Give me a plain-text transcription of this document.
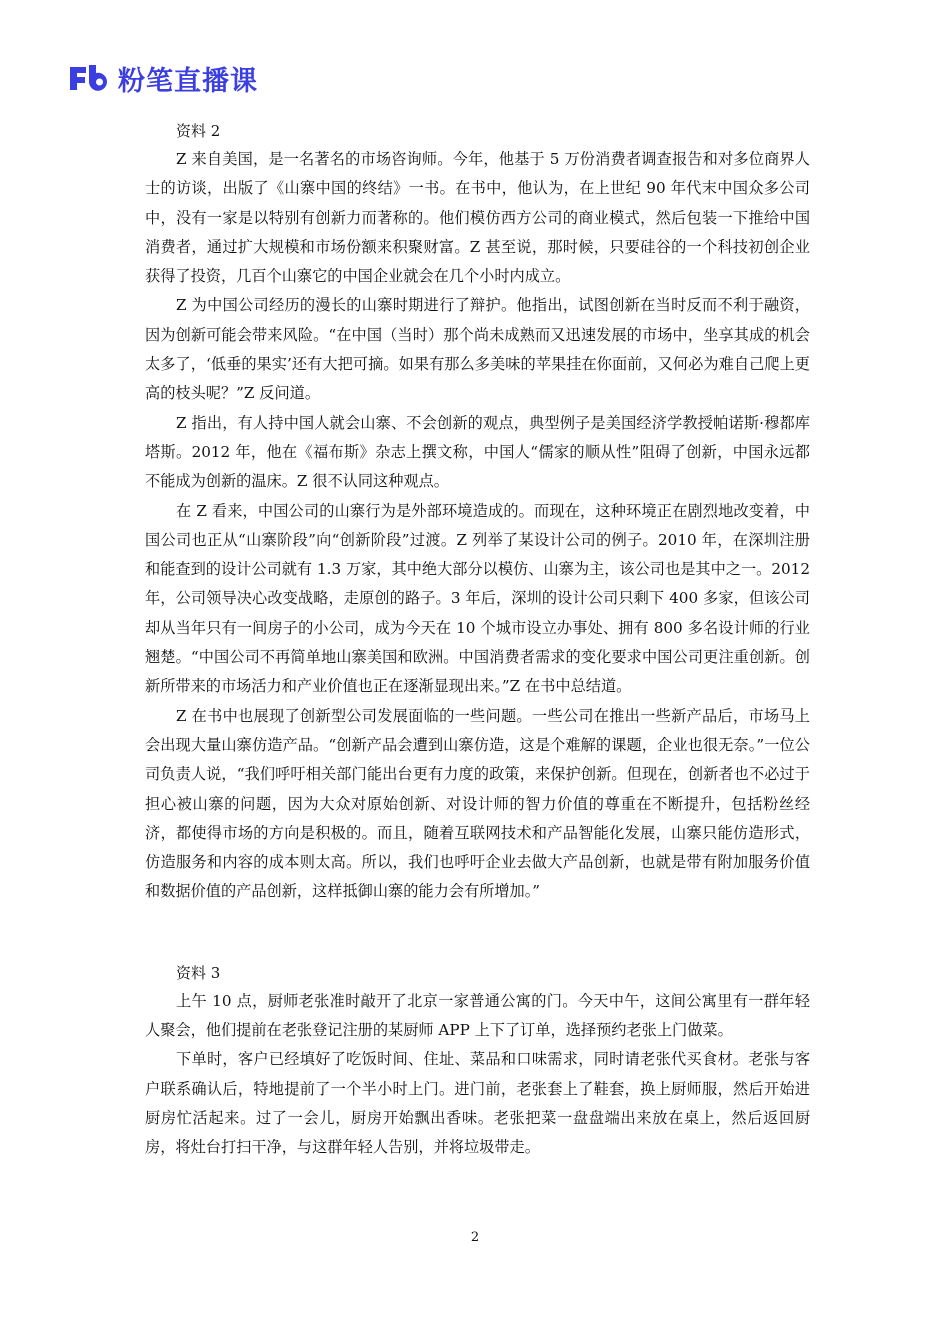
粉笔直播课

资料 2

Z 来自美国，是一名著名的市场咨询师。今年，他基于 5 万份消费者调查报告和对多位商界人士的访谈，出版了《山寨中国的终结》一书。在书中，他认为，在上世纪 90 年代末中国众多公司中，没有一家是以特别有创新力而著称的。他们模仿西方公司的商业模式，然后包装一下推给中国消费者，通过扩大规模和市场份额来积聚财富。Z 甚至说，那时候，只要硅谷的一个科技初创企业获得了投资，几百个山寨它的中国企业就会在几个小时内成立。

Z 为中国公司经历的漫长的山寨时期进行了辩护。他指出，试图创新在当时反而不利于融资，因为创新可能会带来风险。“在中国（当时）那个尚未成熟而又迅速发展的市场中，坐享其成的机会太多了，‘低垂的果实’还有大把可摘。如果有那么多美味的苹果挂在你面前，又何必为难自己爬上更高的枝头呢？”Z 反问道。

Z 指出，有人持中国人就会山寨、不会创新的观点，典型例子是美国经济学教授帕诺斯·穆都库塔斯。2012 年，他在《福布斯》杂志上撰文称，中国人“儒家的顺从性”阻碍了创新，中国永远都不能成为创新的温床。Z 很不认同这种观点。

在 Z 看来，中国公司的山寨行为是外部环境造成的。而现在，这种环境正在剧烈地改变着，中国公司也正从“山寨阶段”向“创新阶段”过渡。Z 列举了某设计公司的例子。2010 年，在深圳注册和能查到的设计公司就有 1.3 万家，其中绝大部分以模仿、山寨为主，该公司也是其中之一。2012 年，公司领导决心改变战略，走原创的路子。3 年后，深圳的设计公司只剩下 400 多家，但该公司却从当年只有一间房子的小公司，成为今天在 10 个城市设立办事处、拥有 800 多名设计师的行业翘楚。“中国公司不再简单地山寨美国和欧洲。中国消费者需求的变化要求中国公司更注重创新。创新所带来的市场活力和产业价值也正在逐渐显现出来。”Z 在书中总结道。

Z 在书中也展现了创新型公司发展面临的一些问题。一些公司在推出一些新产品后，市场马上会出现大量山寨仿造产品。“创新产品会遭到山寨仿造，这是个难解的课题，企业也很无奈。”一位公司负责人说，“我们呼吁相关部门能出台更有力度的政策，来保护创新。但现在，创新者也不必过于担心被山寨的问题，因为大众对原始创新、对设计师的智力价值的尊重在不断提升，包括粉丝经济，都使得市场的方向是积极的。而且，随着互联网技术和产品智能化发展，山寨只能仿造形式，仿造服务和内容的成本则太高。所以，我们也呼吁企业去做大产品创新，也就是带有附加服务价值和数据价值的产品创新，这样抵御山寨的能力会有所增加。”

资料 3

上午 10 点，厨师老张准时敲开了北京一家普通公寓的门。今天中午，这间公寓里有一群年轻人聚会，他们提前在老张登记注册的某厨师 APP 上下了订单，选择预约老张上门做菜。

下单时，客户已经填好了吃饭时间、住址、菜品和口味需求，同时请老张代买食材。老张与客户联系确认后，特地提前了一个半小时上门。进门前，老张套上了鞋套，换上厨师服，然后开始进厨房忙活起来。过了一会儿，厨房开始飘出香味。老张把菜一盘盘端出来放在桌上，然后返回厨房，将灶台打扫干净，与这群年轻人告别，并将垃圾带走。

2
